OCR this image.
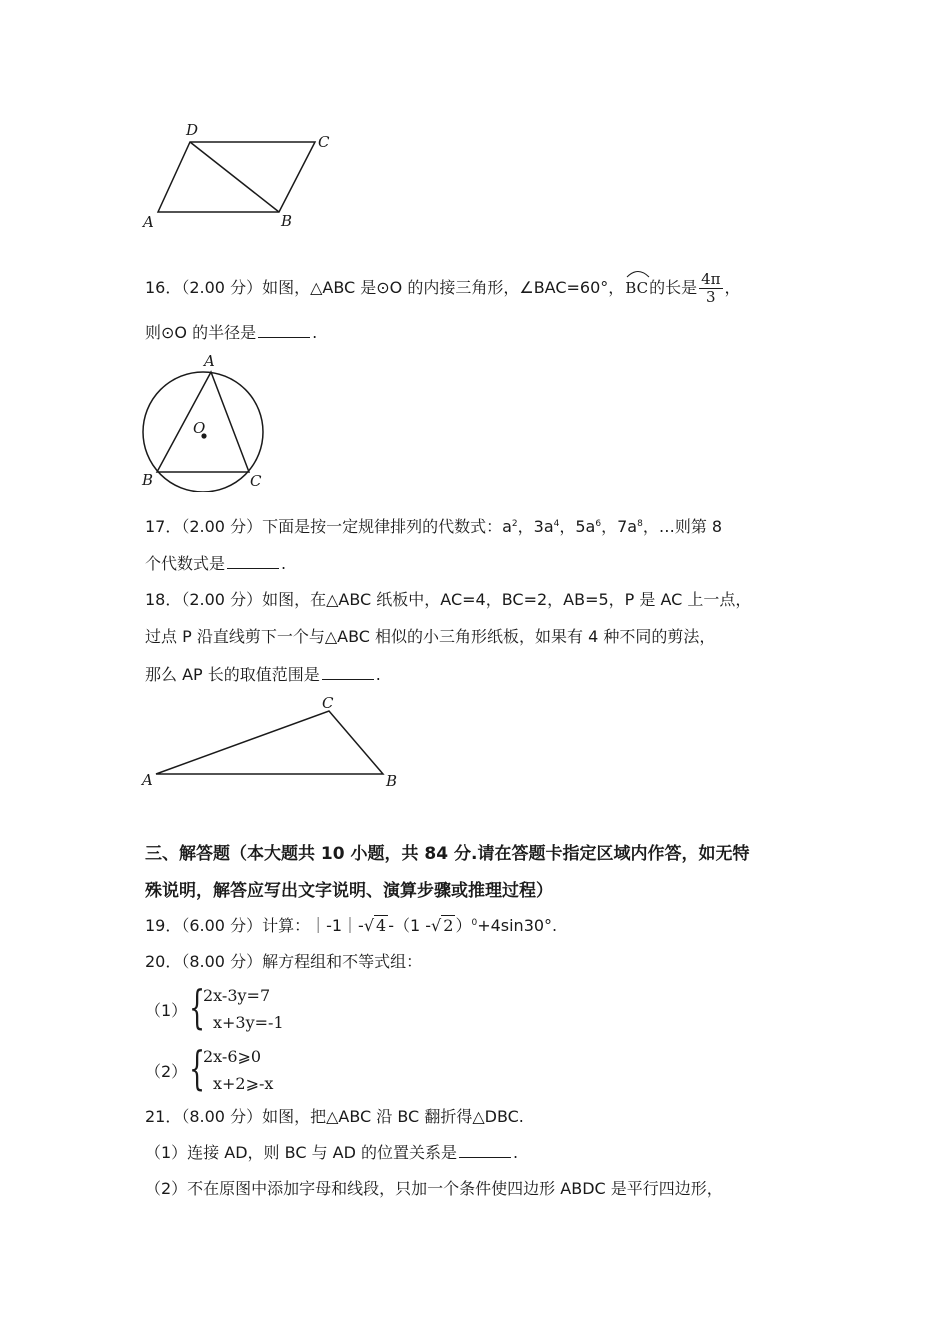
D
C
A	B
16．（2.00 分）如图，△ABC 是⊙O 的内接三角形，∠BAC=60°，
BC的长是 $\frac{4\pi}{3}$ ，
则⊙O 的半径是	.
A
O
B	C
17．（2.00 分）下面是按一定规律排列的代数式：$a^2$，$3a^4$，$5a^6$，$7a^8$，…则第 8
个代数式是	.
18．（2.00 分）如图，在△ABC 纸板中，AC=4，BC=2，AB=5，P 是 AC 上一点，
过点 P 沿直线剪下一个与△ABC 相似的小三角形纸板，如果有 4 种不同的剪法，
那么 AP 长的取值范围是	.
C
A	B
三、解答题（本大题共 10 小题，共 84 分.请在答题卡指定区域内作答，如无特
殊说明，解答应写出文字说明、演算步骤或推理过程）
19．（6.00 分）计算：｜-1｜-√ 4 -（1 -√ 2 ）$^0$+4sin30°.
20．（8.00 分）解方程组和不等式组：
（1） {
2x-3y=7
x+3y=-1
（2） {
2x-6⩾0
x+2⩾-x
21．（8.00 分）如图，把△ABC 沿 BC 翻折得△DBC.
（1）连接 AD，则 BC 与 AD 的位置关系是	.
（2）不在原图中添加字母和线段，只加一个条件使四边形 ABDC 是平行四边形，
